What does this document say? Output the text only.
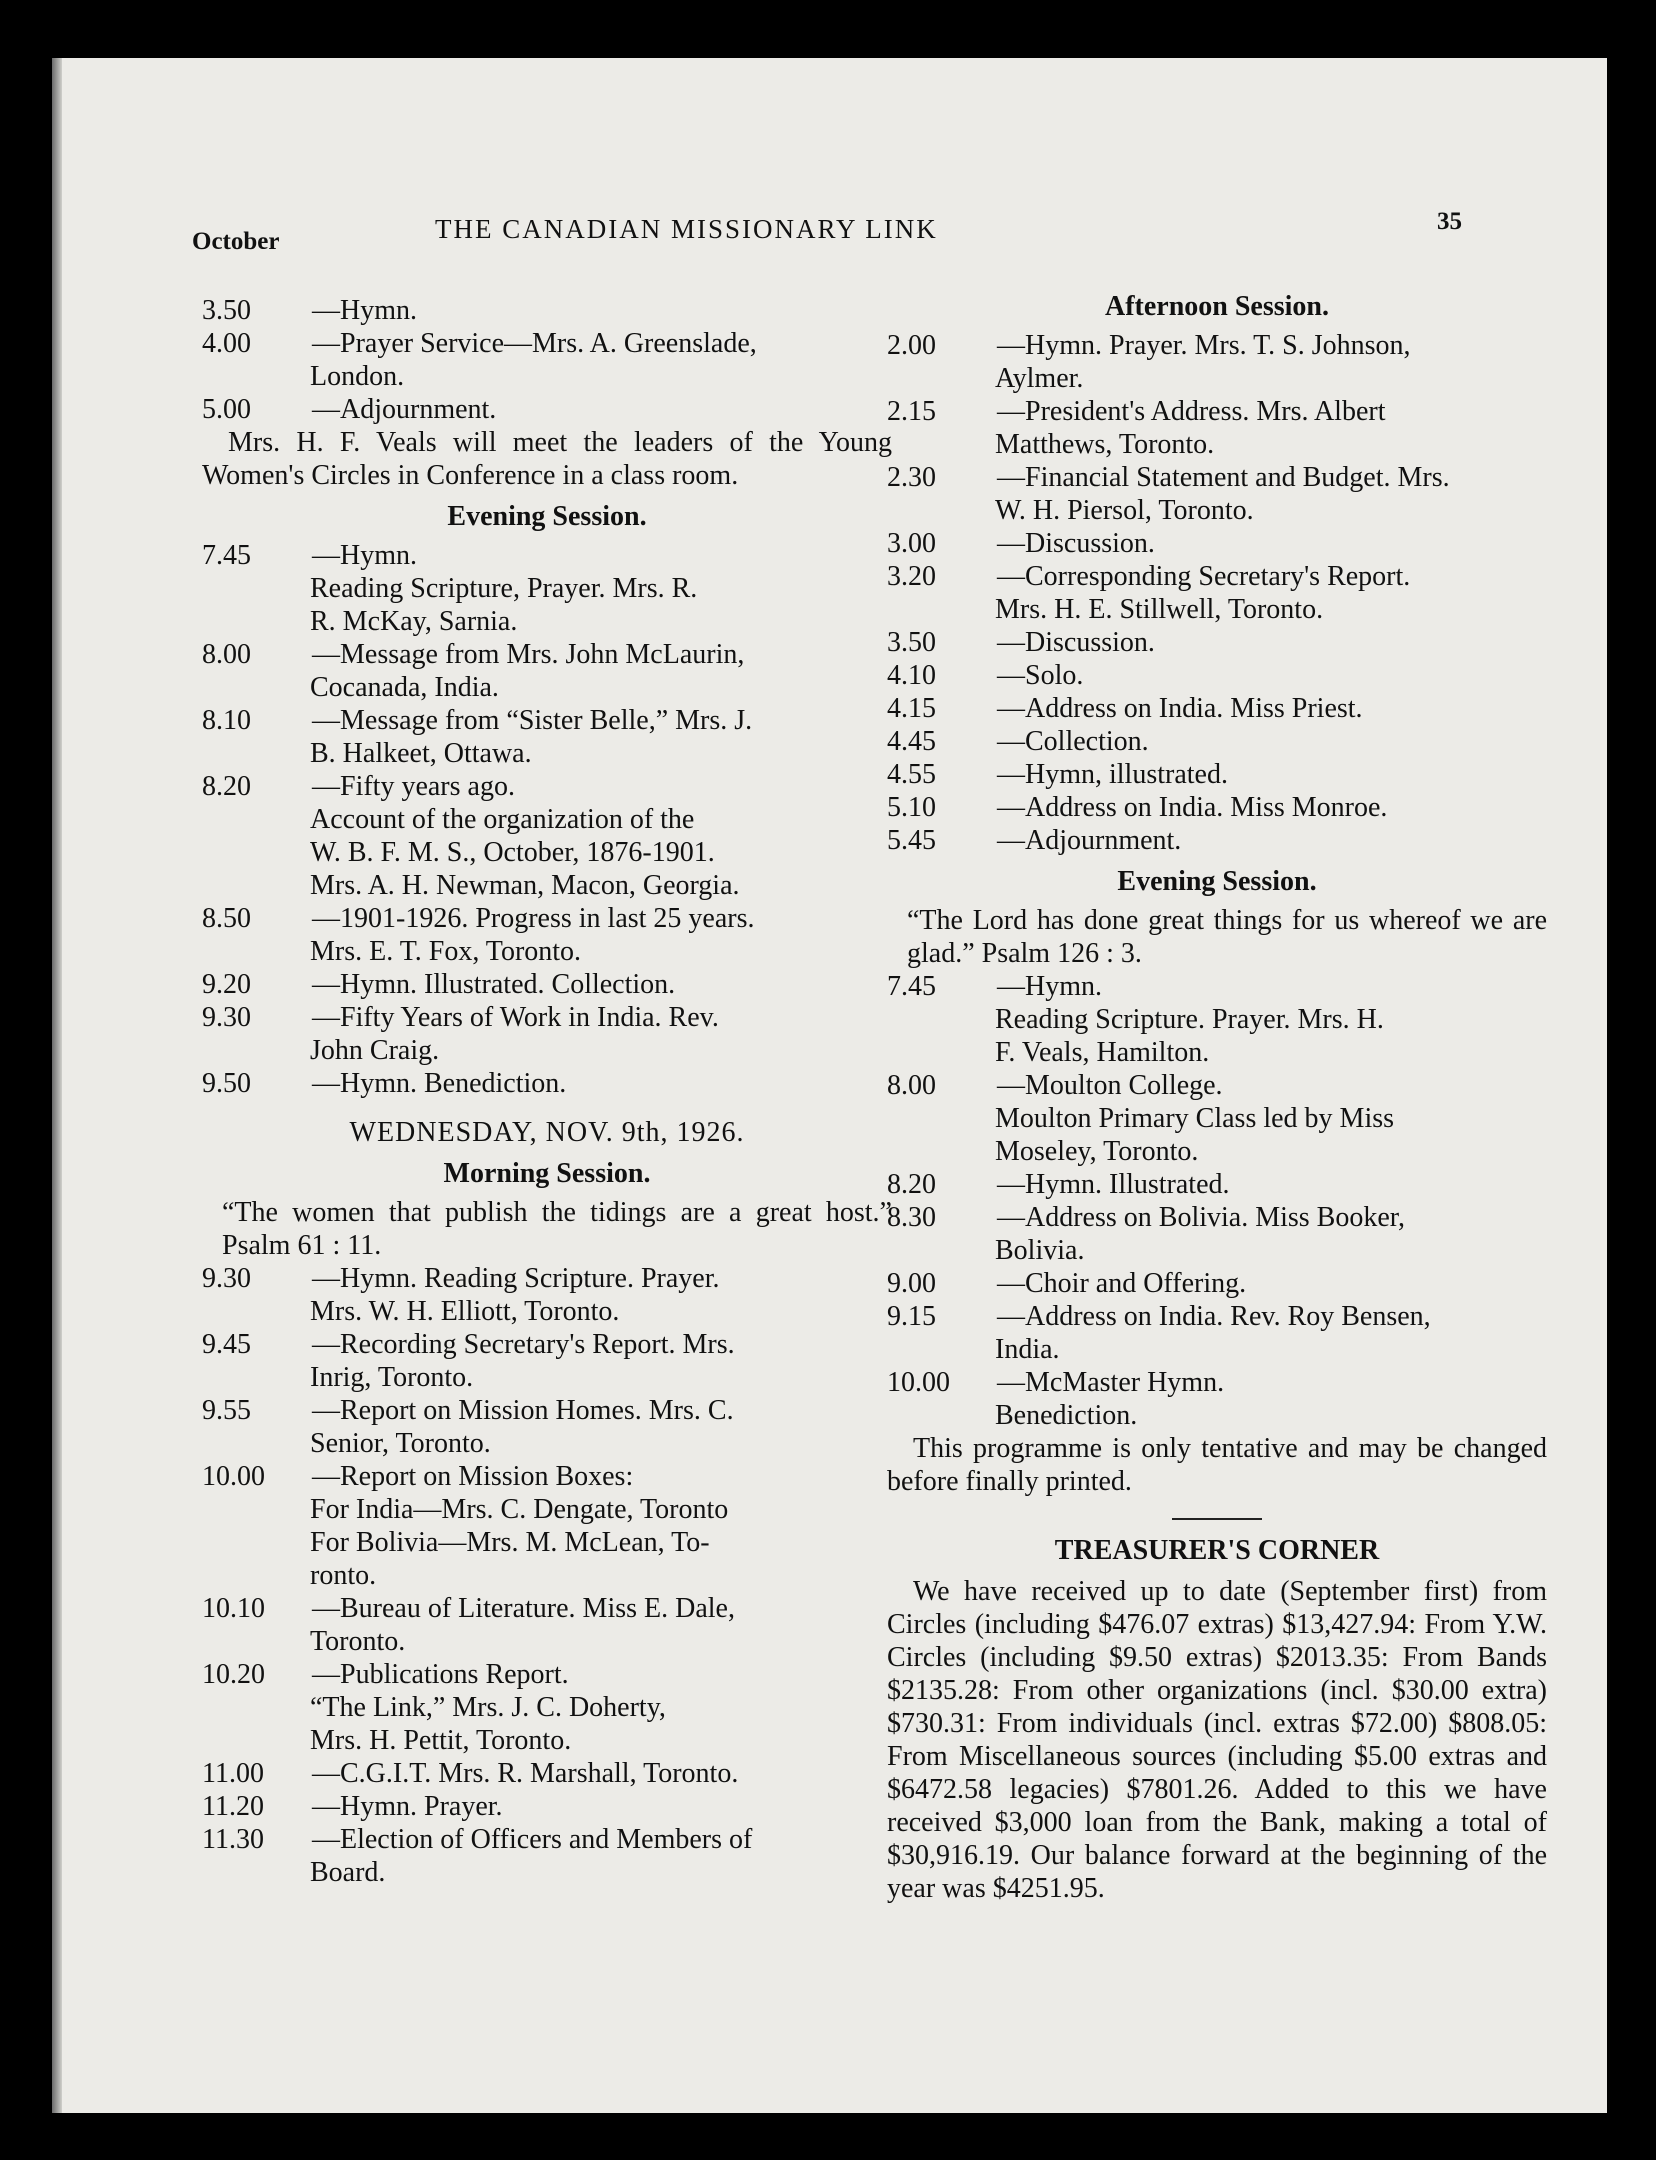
October	THE CANADIAN MISSIONARY LINK	35
3.50	—Hymn.
4.00	—Prayer Service—Mrs. A. Greenslade,
London.
5.00	—Adjournment.

Mrs. H. F. Veals will meet the leaders of the Young Women's Circles in Conference in a class room.

Evening Session.
7.45	—Hymn.
Reading Scripture, Prayer. Mrs. R.
R. McKay, Sarnia.
8.00	—Message from Mrs. John McLaurin,
Cocanada, India.
8.10	—Message from “Sister Belle,” Mrs. J.
B. Halkeet, Ottawa.
8.20	—Fifty years ago.
Account of the organization of the
W. B. F. M. S., October, 1876-1901.
Mrs. A. H. Newman, Macon, Georgia.
8.50	—1901-1926. Progress in last 25 years.
Mrs. E. T. Fox, Toronto.
9.20	—Hymn. Illustrated. Collection.
9.30	—Fifty Years of Work in India. Rev.
John Craig.
9.50	—Hymn. Benediction.
WEDNESDAY, NOV. 9th, 1926.
Morning Session.

“The women that publish the tidings are a great host.” Psalm 61 : 11.

9.30	—Hymn. Reading Scripture. Prayer.
Mrs. W. H. Elliott, Toronto.
9.45	—Recording Secretary's Report. Mrs.
Inrig, Toronto.
9.55	—Report on Mission Homes. Mrs. C.
Senior, Toronto.
10.00	—Report on Mission Boxes:
For India—Mrs. C. Dengate, Toronto
For Bolivia—Mrs. M. McLean, To-
ronto.
10.10	—Bureau of Literature. Miss E. Dale,
Toronto.
10.20	—Publications Report.
“The Link,” Mrs. J. C. Doherty,
Mrs. H. Pettit, Toronto.
11.00	—C.G.I.T. Mrs. R. Marshall, Toronto.
11.20	—Hymn. Prayer.
11.30	—Election of Officers and Members of
Board.
Afternoon Session.
2.00	—Hymn. Prayer. Mrs. T. S. Johnson,
Aylmer.
2.15	—President's Address. Mrs. Albert
Matthews, Toronto.
2.30	—Financial Statement and Budget. Mrs.
W. H. Piersol, Toronto.
3.00	—Discussion.
3.20	—Corresponding Secretary's Report.
Mrs. H. E. Stillwell, Toronto.
3.50	—Discussion.
4.10	—Solo.
4.15	—Address on India. Miss Priest.
4.45	—Collection.
4.55	—Hymn, illustrated.
5.10	—Address on India. Miss Monroe.
5.45	—Adjournment.
Evening Session.

“The Lord has done great things for us whereof we are glad.” Psalm 126 : 3.

7.45	—Hymn.
Reading Scripture. Prayer. Mrs. H.
F. Veals, Hamilton.
8.00	—Moulton College.
Moulton Primary Class led by Miss
Moseley, Toronto.
8.20	—Hymn. Illustrated.
8.30	—Address on Bolivia. Miss Booker,
Bolivia.
9.00	—Choir and Offering.
9.15	—Address on India. Rev. Roy Bensen,
India.
10.00	—McMaster Hymn.
Benediction.

This programme is only tentative and may be changed before finally printed.

TREASURER'S CORNER

We have received up to date (September first) from Circles (including $476.07 extras) $13,427.94: From Y.W. Circles (including $9.50 extras) $2013.35: From Bands $2135.28: From other organizations (incl. $30.00 extra) $730.31: From individuals (incl. extras $72.00) $808.05: From Miscellaneous sources (including $5.00 extras and $6472.58 legacies) $7801.26. Added to this we have received $3,000 loan from the Bank, making a total of $30,916.19. Our balance forward at the beginning of the year was $4251.95.
